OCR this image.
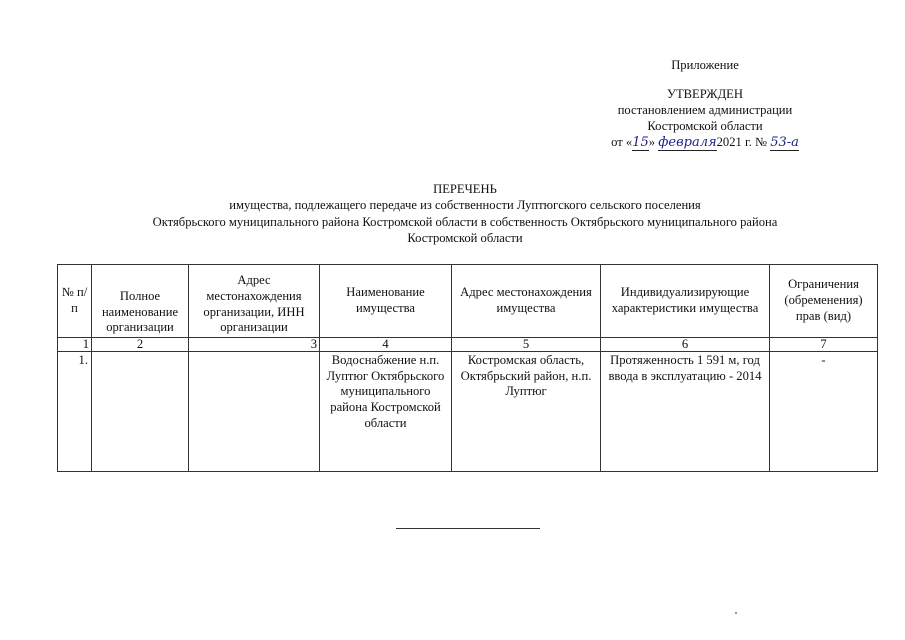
Приложение
УТВЕРЖДЕН
постановлением администрации
Костромской области
от «15» февраля2021 г. № 53-а
ПЕРЕЧЕНЬ
имущества, подлежащего передаче из собственности Луптюгского сельского поселения
Октябрьского муниципального района Костромской области в собственность Октябрьского муниципального района
Костромской области
№ п/п	Полное наименование организации	Адрес местонахождения организации, ИНН организации	Наименование имущества	Адрес местонахождения имущества	Индивидуализирующие характеристики имущества	Ограничения (обременения) прав (вид)
1	2	3	4	5	6	7
1.			Водоснабжение н.п. Луптюг Октябрьского муниципального района Костромской области	Костромская область, Октябрьский район, н.п. Луптюг	Протяженность 1 591 м, год ввода в эксплуатацию - 2014	-
